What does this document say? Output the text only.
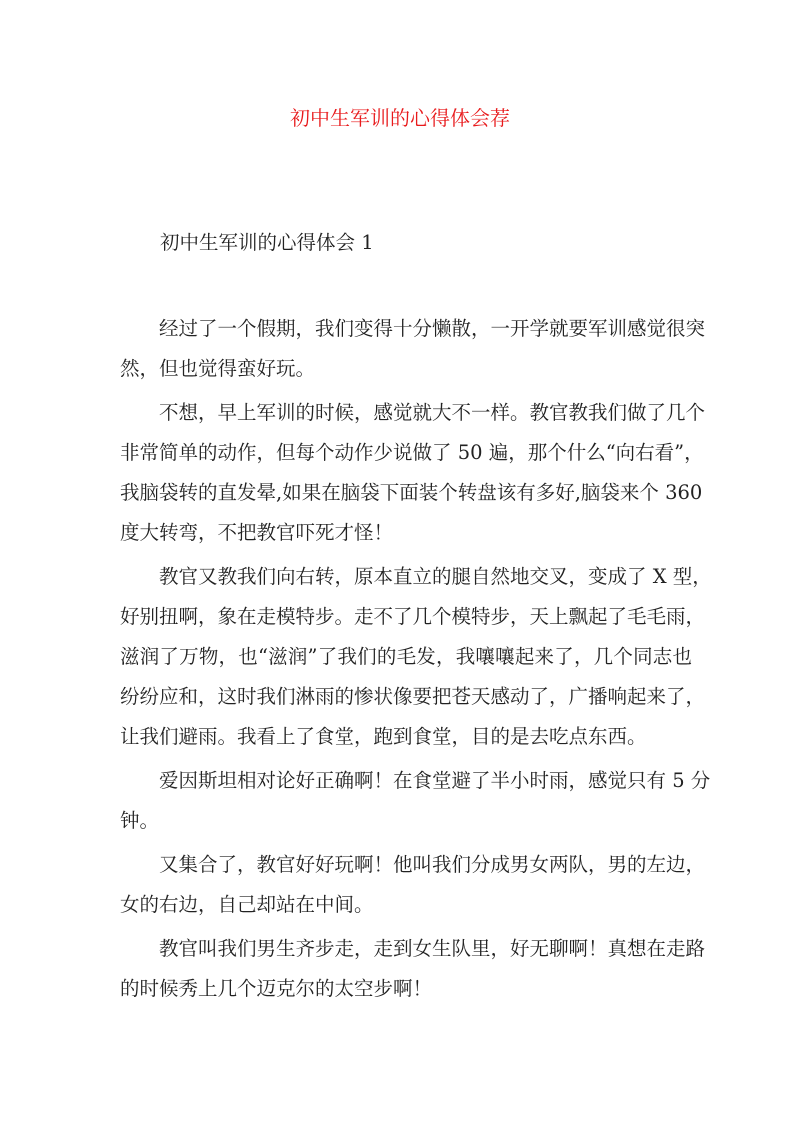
初中生军训的心得体会荐
初中生军训的心得体会 1
经过了一个假期，我们变得十分懒散，一开学就要军训感觉很突
然，但也觉得蛮好玩。
不想，早上军训的时候，感觉就大不一样。教官教我们做了几个
非常简单的动作，但每个动作少说做了 50 遍，那个什么“向右看”，
我脑袋转的直发晕,如果在脑袋下面装个转盘该有多好,脑袋来个 360
度大转弯，不把教官吓死才怪！
教官又教我们向右转，原本直立的腿自然地交叉，变成了 X 型，
好别扭啊，象在走模特步。走不了几个模特步，天上飘起了毛毛雨，
滋润了万物，也“滋润”了我们的毛发，我嚷嚷起来了，几个同志也
纷纷应和，这时我们淋雨的惨状像要把苍天感动了，广播响起来了，
让我们避雨。我看上了食堂，跑到食堂，目的是去吃点东西。
爱因斯坦相对论好正确啊！在食堂避了半小时雨，感觉只有 5 分
钟。
又集合了，教官好好玩啊！他叫我们分成男女两队，男的左边，
女的右边，自己却站在中间。
教官叫我们男生齐步走，走到女生队里，好无聊啊！真想在走路
的时候秀上几个迈克尔的太空步啊！
